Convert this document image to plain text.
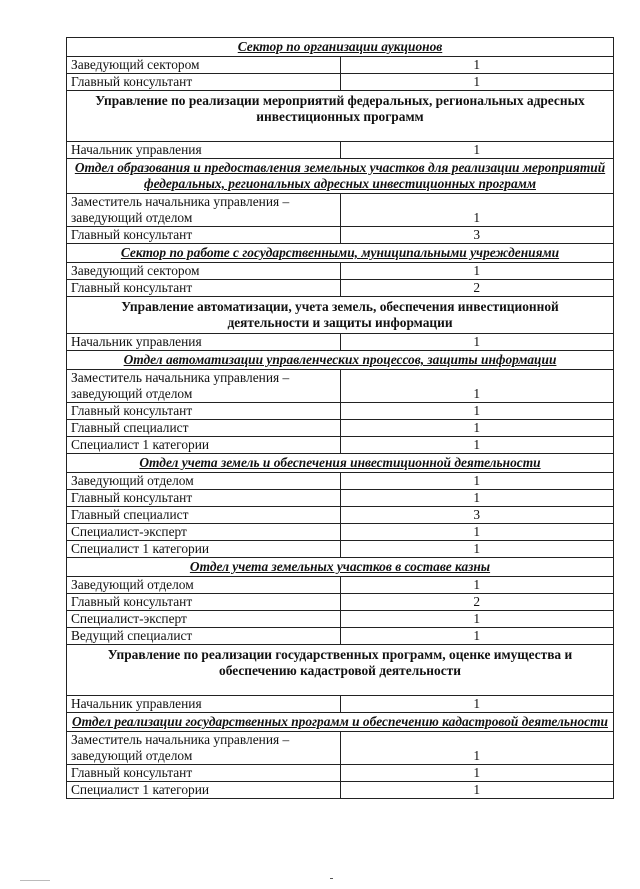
Сектор по организации аукционов	
Заведующий сектором	1
Главный консультант	1
Управление по реализации мероприятий федеральных, региональных адресных инвестиционных программ	
Начальник управления	1
Отдел образования и предоставления земельных участков для реализации мероприятий федеральных, региональных адресных инвестиционных программ	
Заместитель начальника управления – заведующий отделом	1
Главный консультант	3
Сектор по работе с государственными, муниципальными учреждениями	
Заведующий сектором	1
Главный консультант	2
Управление автоматизации, учета земель, обеспечения инвестиционной деятельности и защиты информации	
Начальник управления	1
Отдел автоматизации управленческих процессов, защиты информации	
Заместитель начальника управления – заведующий отделом	1
Главный консультант	1
Главный специалист	1
Специалист 1 категории	1
Отдел учета земель и обеспечения инвестиционной деятельности	
Заведующий отделом	1
Главный консультант	1
Главный специалист	3
Специалист-эксперт	1
Специалист 1 категории	1
Отдел учета земельных участков в составе казны	
Заведующий отделом	1
Главный консультант	2
Специалист-эксперт	1
Ведущий специалист	1
Управление по реализации государственных программ, оценке имущества и обеспечению кадастровой деятельности	
Начальник управления	1
Отдел реализации государственных программ и обеспечению кадастровой деятельности	
Заместитель начальника управления – заведующий отделом	1
Главный консультант	1
Специалист 1 категории	1
